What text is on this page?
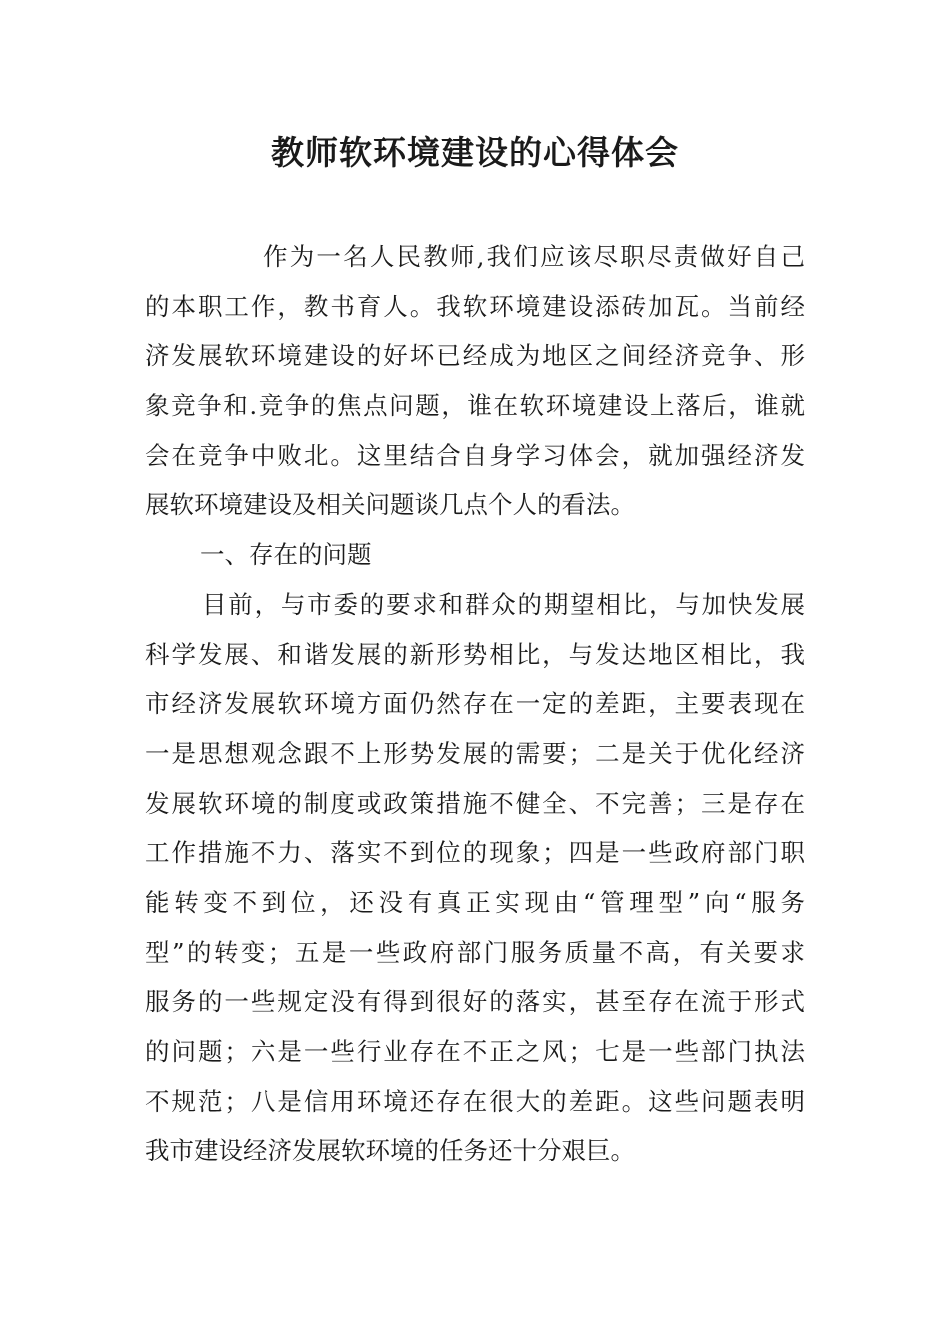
教师软环境建设的心得体会
作为一名人民教师,我们应该尽职尽责做好自己
的本职工作，教书育人。我软环境建设添砖加瓦。当前经
济发展软环境建设的好坏已经成为地区之间经济竞争、形
象竞争和.竞争的焦点问题，谁在软环境建设上落后，谁就
会在竞争中败北。这里结合自身学习体会，就加强经济发
展软环境建设及相关问题谈几点个人的看法。
一、存在的问题
目前，与市委的要求和群众的期望相比，与加快发展
科学发展、和谐发展的新形势相比，与发达地区相比，我
市经济发展软环境方面仍然存在一定的差距，主要表现在
一是思想观念跟不上形势发展的需要；二是关于优化经济
发展软环境的制度或政策措施不健全、不完善；三是存在
工作措施不力、落实不到位的现象；四是一些政府部门职
能转变不到位，还没有真正实现由“管理型”向“服务
型”的转变；五是一些政府部门服务质量不高，有关要求
服务的一些规定没有得到很好的落实，甚至存在流于形式
的问题；六是一些行业存在不正之风；七是一些部门执法
不规范；八是信用环境还存在很大的差距。这些问题表明
我市建设经济发展软环境的任务还十分艰巨。
